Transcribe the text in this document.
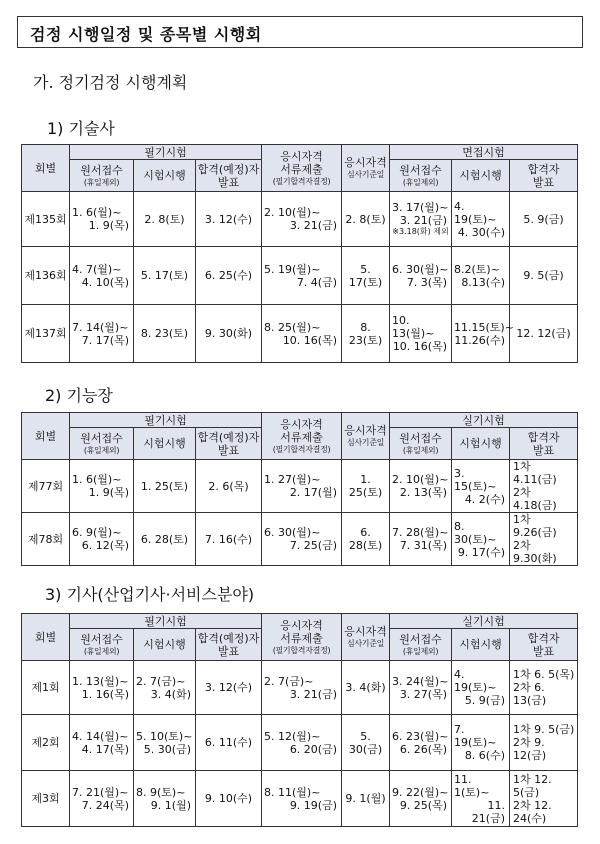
검정 시행일정 및 종목별 시행회
가. 정기검정 시행계획
1) 기술사
2) 기능장
3) 기사(산업기사·서비스분야)
회별	필기시험			응시자격
서류제출
(필기합격자결정)	응시자격
심사기준일	면접시험		

	원서접수
(휴일제외)	시험시행	합격(예정)자
발표			원서접수
(휴일제외)	시험시행	합격자
발표

제135회	1. 6(월)~
1. 9(목)	2. 8(토)	3. 12(수)	2. 10(월)~
3. 21(금)	2. 8(토)	3. 17(월)~
3. 21(금)
※3.18(화) 제외	4. 19(토)~
4. 30(수)	5. 9(금)
제136회	4. 7(월)~
4. 10(목)	5. 17(토)	6. 25(수)	5. 19(월)~
7. 4(금)	5. 17(토)	6. 30(월)~
7. 3(목)	8.2(토)~
8.13(수)	9. 5(금)
제137회	7. 14(월)~
7. 17(목)	8. 23(토)	9. 30(화)	8. 25(월)~
10. 16(목)	8. 23(토)	10. 13(월)~
10. 16(목)	11.15(토)~
11.26(수)	12. 12(금)
회별	필기시험			응시자격
서류제출
(필기합격자결정)	응시자격
심사기준일	실기시험		

	원서접수
(휴일제외)	시험시행	합격(예정)자
발표			원서접수
(휴일제외)	시험시행	합격자
발표

제77회	1. 6(월)~
1. 9(목)	1. 25(토)	2. 6(목)	1. 27(월)~
2. 17(월)	1. 25(토)	2. 10(월)~
2. 13(목)	3. 15(토)~
4. 2(수)	1차 4.11(금)
2차 4.18(금)

제78회	6. 9(월)~
6. 12(목)	6. 28(토)	7. 16(수)	6. 30(월)~
7. 25(금)	6. 28(토)	7. 28(월)~
7. 31(목)	8. 30(토)~
9. 17(수)	1차 9.26(금)
2차 9.30(화)
회별	필기시험			응시자격
서류제출
(필기합격자결정)	응시자격
심사기준일	실기시험		

	원서접수
(휴일제외)	시험시행	합격(예정)자
발표			원서접수
(휴일제외)	시험시행	합격자
발표

제1회	1. 13(월)~
1. 16(목)	2. 7(금)~
3. 4(화)	3. 12(수)	2. 7(금)~
3. 21(금)	3. 4(화)	3. 24(월)~
3. 27(목)	4. 19(토)~
5. 9(금)	1차 6. 5(목)
2차 6. 13(금)

제2회	4. 14(월)~
4. 17(목)	5. 10(토)~
5. 30(금)	6. 11(수)	5. 12(월)~
6. 20(금)	5. 30(금)	6. 23(월)~
6. 26(목)	7. 19(토)~
8. 6(수)	1차 9. 5(금)
2차 9. 12(금)

제3회	7. 21(월)~
7. 24(목)	8. 9(토)~
9. 1(월)	9. 10(수)	8. 11(월)~
9. 19(금)	9. 1(월)	9. 22(월)~
9. 25(목)	11. 1(토)~
11. 21(금)	1차 12. 5(금)
2차 12. 24(수)
